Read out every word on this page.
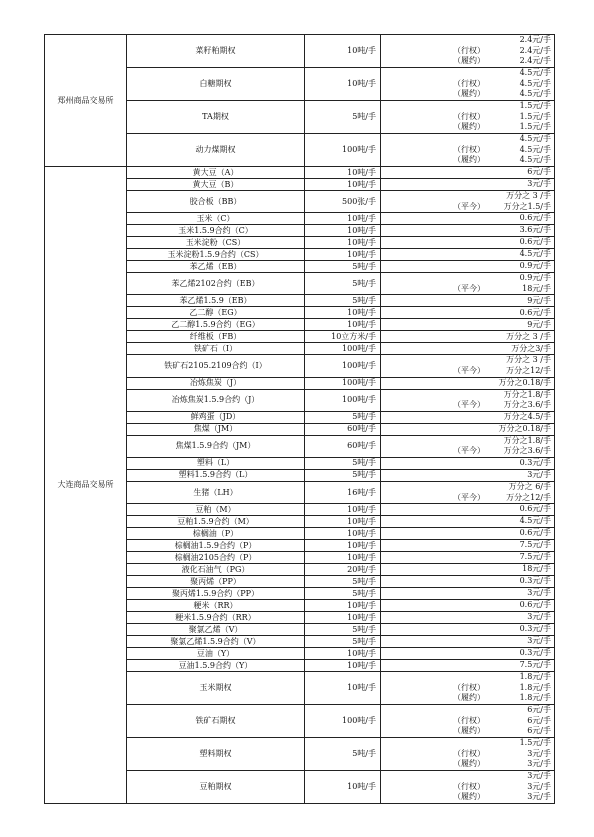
郑州商品交易所	菜籽粕期权	10吨/手	2.4元/手
（行权） 2.4元/手
（履约） 2.4元/手

	白糖期权	10吨/手	4.5元/手
（行权） 4.5元/手
（履约） 4.5元/手

	TA期权	5吨/手	1.5元/手
（行权） 1.5元/手
（履约） 1.5元/手

	动力煤期权	100吨/手	4.5元/手
（行权） 4.5元/手
（履约） 4.5元/手

大连商品交易所	黄大豆（A）	10吨/手	6元/手

	黄大豆（B）	10吨/手	3元/手

	胶合板（BB）	500张/手	万分之 3 /手
（平今） 万分之1.5/手

	玉米（C）	10吨/手	0.6元/手

	玉米1.5.9合约（C）	10吨/手	3.6元/手

	玉米淀粉（CS）	10吨/手	0.6元/手

	玉米淀粉1.5.9合约（CS）	10吨/手	4.5元/手

	苯乙烯（EB）	5吨/手	0.9元/手

	苯乙烯2102合约（EB）	5吨/手	0.9元/手
（平今） 18元/手

	苯乙烯1.5.9（EB）	5吨/手	9元/手

	乙二醇（EG）	10吨/手	0.6元/手

	乙二醇1.5.9合约（EG）	10吨/手	9元/手

	纤维板（FB）	10立方米/手	万分之 3 /手

	铁矿石（I）	100吨/手	万分之3/手

	铁矿石2105.2109合约（I）	100吨/手	万分之 3 /手
（平今） 万分之12/手

	冶炼焦炭（J）	100吨/手	万分之0.18/手

	冶炼焦炭1.5.9合约（J）	100吨/手	万分之1.8/手
（平今） 万分之3.6/手

	鲜鸡蛋（JD）	5吨/手	万分之4.5/手

	焦煤（JM）	60吨/手	万分之0.18/手

	焦煤1.5.9合约（JM）	60吨/手	万分之1.8/手
（平今） 万分之3.6/手

	塑料（L）	5吨/手	0.3元/手

	塑料1.5.9合约（L）	5吨/手	3元/手

	生猪（LH）	16吨/手	万分之 6/手
（平今） 万分之12/手

	豆粕（M）	10吨/手	0.6元/手

	豆粕1.5.9合约（M）	10吨/手	4.5元/手

	棕榈油（P）	10吨/手	0.6元/手

	棕榈油1.5.9合约（P）	10吨/手	7.5元/手

	棕榈油2105合约（P）	10吨/手	7.5元/手

	液化石油气（PG）	20吨/手	18元/手

	聚丙烯（PP）	5吨/手	0.3元/手

	聚丙烯1.5.9合约（PP）	5吨/手	3元/手

	粳米（RR）	10吨/手	0.6元/手

	粳米1.5.9合约（RR）	10吨/手	3元/手

	聚氯乙烯（V）	5吨/手	0.3元/手

	聚氯乙烯1.5.9合约（V）	5吨/手	3元/手

	豆油（Y）	10吨/手	0.3元/手

	豆油1.5.9合约（Y）	10吨/手	7.5元/手

	玉米期权	10吨/手	1.8元/手
（行权） 1.8元/手
（履约） 1.8元/手

	铁矿石期权	100吨/手	6元/手
（行权） 6元/手
（履约） 6元/手

	塑料期权	5吨/手	1.5元/手
（行权） 3元/手
（履约） 3元/手

	豆粕期权	10吨/手	3元/手
（行权） 3元/手
（履约） 3元/手
